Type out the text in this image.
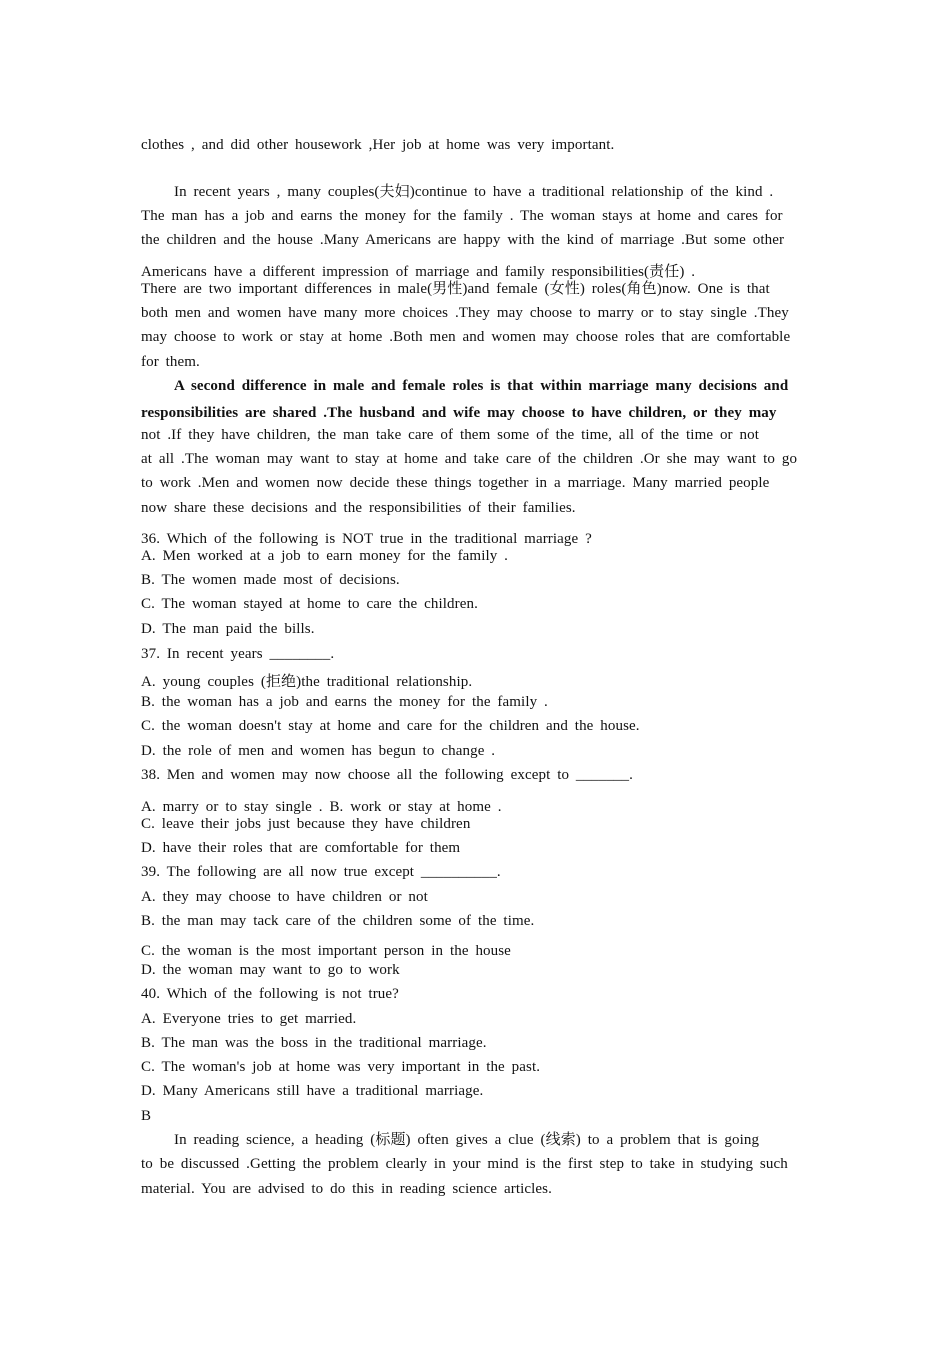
clothes , and did other housework ,Her job at home was very important.
In recent years , many couples(夫妇)continue to have a traditional relationship of the kind .
The man has a job and earns the money for the family . The woman stays at home and cares for
the children and the house .Many Americans are happy with the kind of marriage .But some other
Americans have a different impression of marriage and family responsibilities(责任) .
There are two important differences in male(男性)and female (女性) roles(角色)now. One is that
both men and women have many more choices .They may choose to marry or to stay single .They
may choose to work or stay at home .Both men and women may choose roles that are comfortable
for them.
A second difference in male and female roles is that within marriage many decisions and
responsibilities are shared .The husband and wife may choose to have children, or they may
not .If they have children, the man take care of them some of the time, all of the time or not
at all .The woman may want to stay at home and take care of the children .Or she may want to go
to work .Men and women now decide these things together in a marriage. Many married people
now share these decisions and the responsibilities of their families.
36. Which of the following is NOT true in the traditional marriage ?
A. Men worked at a job to earn money for the family .
B. The women made most of decisions.
C. The woman stayed at home to care the children.
D. The man paid the bills.
37. In recent years ________.
A. young couples (拒绝)the traditional relationship.
B. the woman has a job and earns the money for the family .
C. the woman doesn't stay at home and care for the children and the house.
D. the role of men and women has begun to change .
38. Men and women may now choose all the following except to _______.
A. marry or to stay single . B. work or stay at home .
C. leave their jobs just because they have children
D. have their roles that are comfortable for them
39. The following are all now true except __________.
A. they may choose to have children or not
B. the man may tack care of the children some of the time.
C. the woman is the most important person in the house
D. the woman may want to go to work
40. Which of the following is not true?
A. Everyone tries to get married.
B. The man was the boss in the traditional marriage.
C. The woman's job at home was very important in the past.
D. Many Americans still have a traditional marriage.
B
In reading science, a heading (标题) often gives a clue (线索) to a problem that is going
to be discussed .Getting the problem clearly in your mind is the first step to take in studying such
material. You are advised to do this in reading science articles.
